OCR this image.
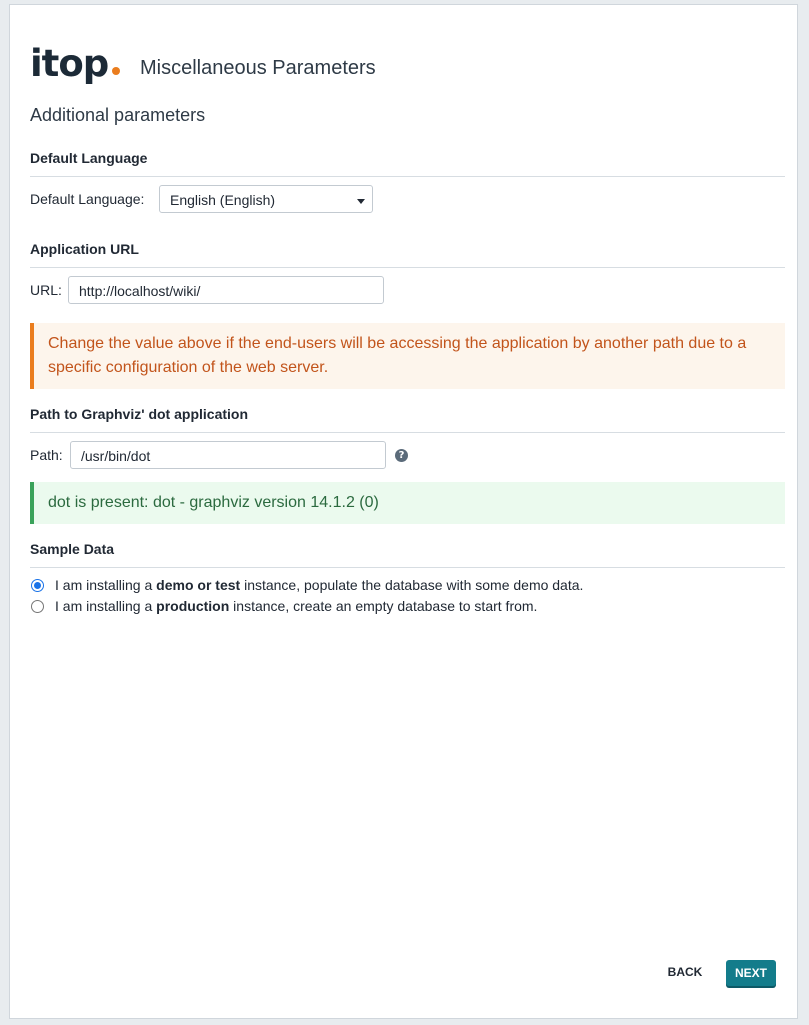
itop Miscellaneous Parameters
Additional parameters
Default Language
Default Language:	English (English)
Application URL
URL:	http://localhost/wiki/
Change the value above if the end-users will be accessing the application by another path due to a specific configuration of the web server.
Path to Graphviz' dot application
Path:	/usr/bin/dot	?
dot is present: dot - graphviz version 14.1.2 (0)
Sample Data
I am installing a demo or test instance, populate the database with some demo data.
I am installing a production instance, create an empty database to start from.
BACK	NEXT
